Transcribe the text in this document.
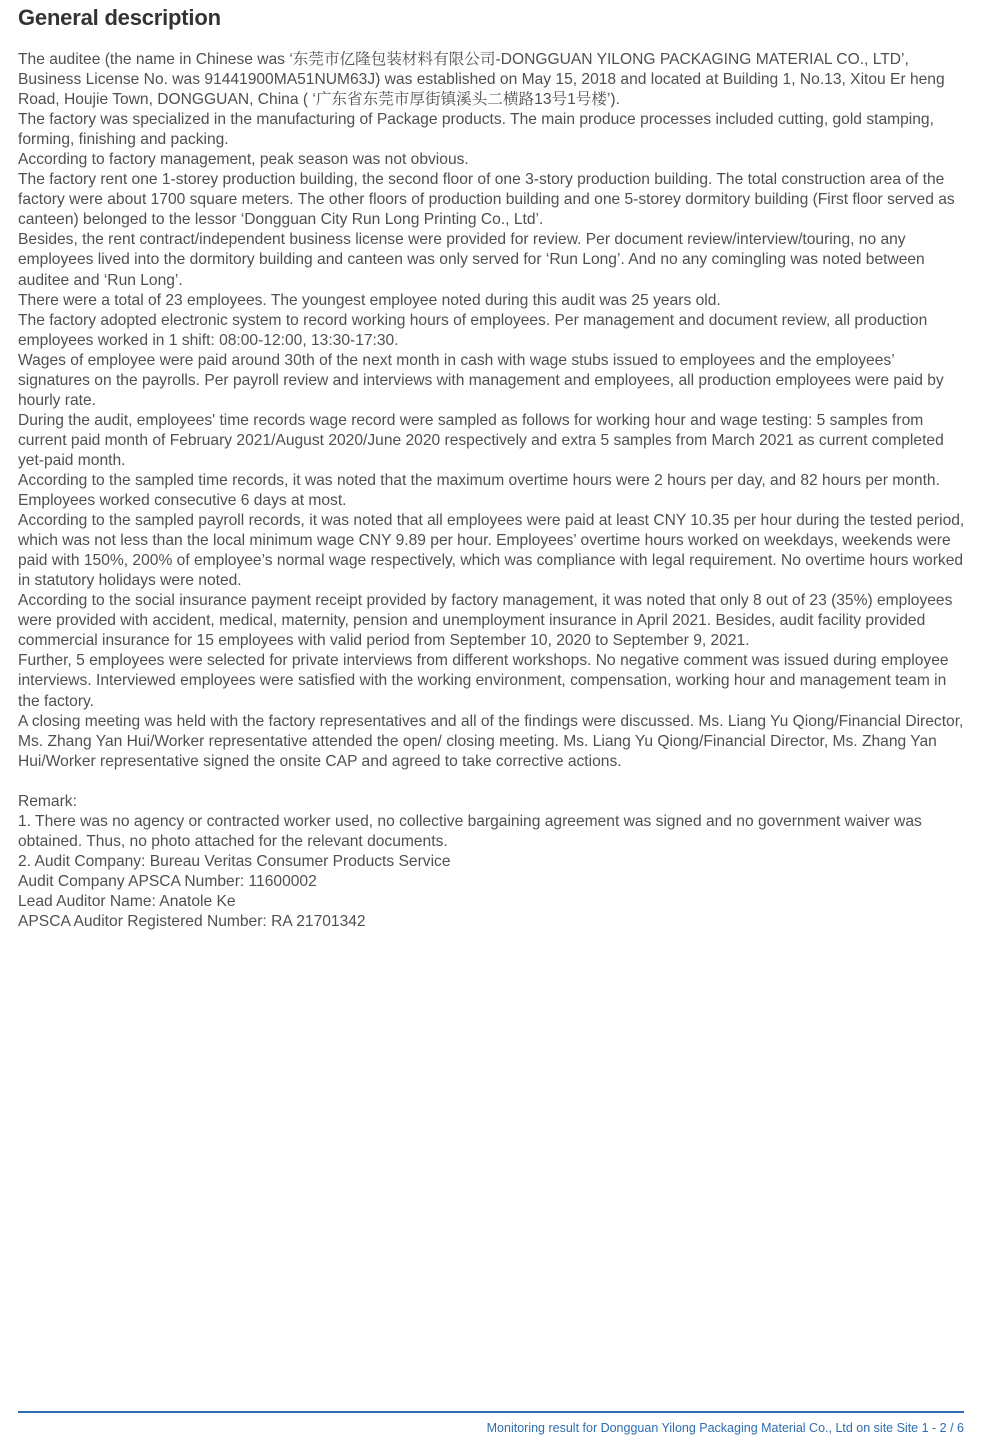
General description

The auditee (the name in Chinese was ‘东莞市亿隆包装材料有限公司-DONGGUAN YILONG PACKAGING MATERIAL CO., LTD’, Business License No. was 91441900MA51NUM63J) was established on May 15, 2018 and located at Building 1, No.13, Xitou Er heng Road, Houjie Town, DONGGUAN, China ( ‘广东省东莞市厚街镇溪头二横路13号1号楼’).

The factory was specialized in the manufacturing of Package products. The main produce processes included cutting, gold stamping, forming, finishing and packing.

According to factory management, peak season was not obvious.

The factory rent one 1-storey production building, the second floor of one 3-story production building. The total construction area of the factory were about 1700 square meters. The other floors of production building and one 5-storey dormitory building (First floor served as canteen) belonged to the lessor ‘Dongguan City Run Long Printing Co., Ltd’.

Besides, the rent contract/independent business license were provided for review. Per document review/interview/touring, no any employees lived into the dormitory building and canteen was only served for ‘Run Long’. And no any comingling was noted between auditee and ‘Run Long’.

There were a total of 23 employees. The youngest employee noted during this audit was 25 years old.

The factory adopted electronic system to record working hours of employees. Per management and document review, all production employees worked in 1 shift: 08:00-12:00, 13:30-17:30.

Wages of employee were paid around 30th of the next month in cash with wage stubs issued to employees and the employees’ signatures on the payrolls. Per payroll review and interviews with management and employees, all production employees were paid by hourly rate.

During the audit, employees' time records wage record were sampled as follows for working hour and wage testing: 5 samples from current paid month of February 2021/August 2020/June 2020 respectively and extra 5 samples from March 2021 as current completed yet-paid month.

According to the sampled time records, it was noted that the maximum overtime hours were 2 hours per day, and 82 hours per month. Employees worked consecutive 6 days at most.

According to the sampled payroll records, it was noted that all employees were paid at least CNY 10.35 per hour during the tested period, which was not less than the local minimum wage CNY 9.89 per hour. Employees’ overtime hours worked on weekdays, weekends were paid with 150%, 200% of employee’s normal wage respectively, which was compliance with legal requirement. No overtime hours worked in statutory holidays were noted.

According to the social insurance payment receipt provided by factory management, it was noted that only 8 out of 23 (35%) employees were provided with accident, medical, maternity, pension and unemployment insurance in April 2021. Besides, audit facility provided commercial insurance for 15 employees with valid period from September 10, 2020 to September 9, 2021.

Further, 5 employees were selected for private interviews from different workshops. No negative comment was issued during employee interviews. Interviewed employees were satisfied with the working environment, compensation, working hour and management team in the factory.

A closing meeting was held with the factory representatives and all of the findings were discussed. Ms. Liang Yu Qiong/Financial Director, Ms. Zhang Yan Hui/Worker representative attended the open/ closing meeting. Ms. Liang Yu Qiong/Financial Director, Ms. Zhang Yan Hui/Worker representative signed the onsite CAP and agreed to take corrective actions.

Remark:

1. There was no agency or contracted worker used, no collective bargaining agreement was signed and no government waiver was obtained. Thus, no photo attached for the relevant documents.

2. Audit Company: Bureau Veritas Consumer Products Service

Audit Company APSCA Number: 11600002

Lead Auditor Name: Anatole Ke

APSCA Auditor Registered Number: RA 21701342

Monitoring result for Dongguan Yilong Packaging Material Co., Ltd on site Site 1 - 2 / 6
